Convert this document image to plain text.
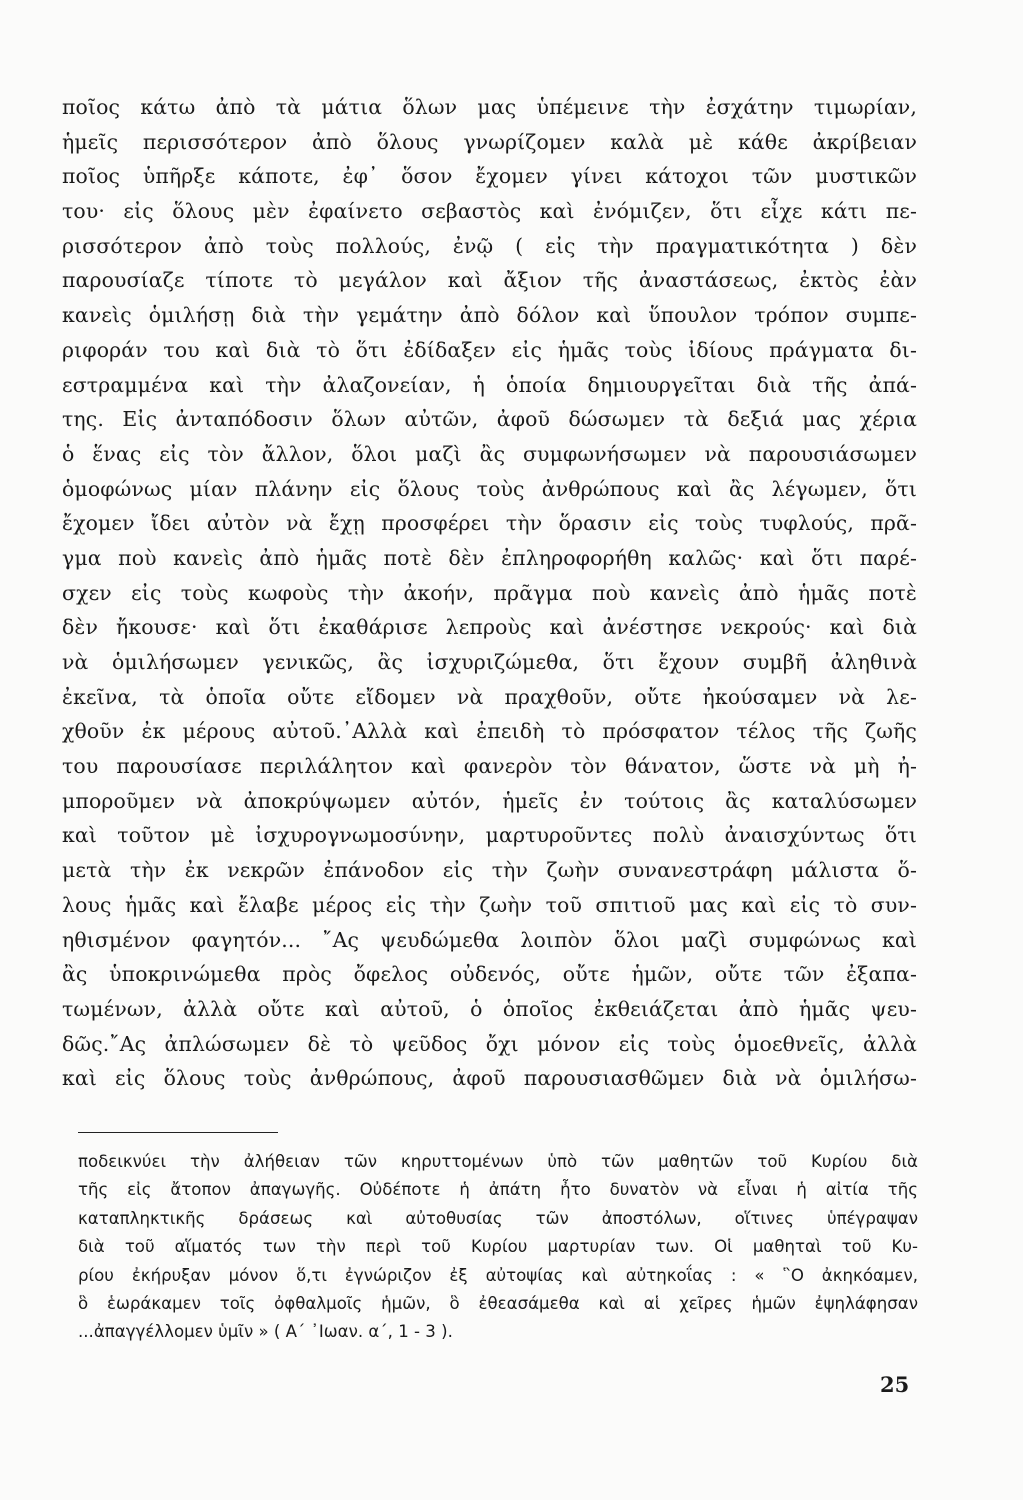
ποῖος κάτω ἀπὸ τὰ μάτια ὅλων μας ὑπέμεινε τὴν ἐσχάτην τιμωρίαν,
ἡμεῖς περισσότερον ἀπὸ ὅλους γνωρίζομεν καλὰ μὲ κάθε ἀκρίβειαν
ποῖος ὑπῆρξε κάποτε, ἐφ᾽ ὅσον ἔχομεν γίνει κάτοχοι τῶν μυστικῶν
του· εἰς ὅλους μὲν ἐφαίνετο σεβαστὸς καὶ ἐνόμιζεν, ὅτι εἶχε κάτι πε-
ρισσότερον ἀπὸ τοὺς πολλούς, ἐνῷ ( εἰς τὴν πραγματικότητα ) δὲν
παρουσίαζε τίποτε τὸ μεγάλον καὶ ἄξιον τῆς ἀναστάσεως, ἐκτὸς ἐὰν
κανεὶς ὁμιλήσῃ διὰ τὴν γεμάτην ἀπὸ δόλον καὶ ὕπουλον τρόπον συμπε-
ριφοράν του καὶ διὰ τὸ ὅτι ἐδίδαξεν εἰς ἡμᾶς τοὺς ἰδίους πράγματα δι-
εστραμμένα καὶ τὴν ἀλαζονείαν, ἡ ὁποία δημιουργεῖται διὰ τῆς ἀπά-
της. Εἰς ἀνταπόδοσιν ὅλων αὐτῶν, ἀφοῦ δώσωμεν τὰ δεξιά μας χέρια
ὁ ἕνας εἰς τὸν ἄλλον, ὅλοι μαζὶ ἂς συμφωνήσωμεν νὰ παρουσιάσωμεν
ὁμοφώνως μίαν πλάνην εἰς ὅλους τοὺς ἀνθρώπους καὶ ἂς λέγωμεν, ὅτι
ἔχομεν ἴδει αὐτὸν νὰ ἔχῃ προσφέρει τὴν ὅρασιν εἰς τοὺς τυφλούς, πρᾶ-
γμα ποὺ κανεὶς ἀπὸ ἡμᾶς ποτὲ δὲν ἐπληροφορήθη καλῶς· καὶ ὅτι παρέ-
σχεν εἰς τοὺς κωφοὺς τὴν ἀκοήν, πρᾶγμα ποὺ κανεὶς ἀπὸ ἡμᾶς ποτὲ
δὲν ἤκουσε· καὶ ὅτι ἐκαθάρισε λεπροὺς καὶ ἀνέστησε νεκρούς· καὶ διὰ
νὰ ὁμιλήσωμεν γενικῶς, ἂς ἰσχυριζώμεθα, ὅτι ἔχουν συμβῆ ἀληθινὰ
ἐκεῖνα, τὰ ὁποῖα οὔτε εἴδομεν νὰ πραχθοῦν, οὔτε ἠκούσαμεν νὰ λε-
χθοῦν ἐκ μέρους αὐτοῦ.᾽Αλλὰ καὶ ἐπειδὴ τὸ πρόσφατον τέλος τῆς ζωῆς
του παρουσίασε περιλάλητον καὶ φανερὸν τὸν θάνατον, ὥστε νὰ μὴ ἠ-
μποροῦμεν νὰ ἀποκρύψωμεν αὐτόν, ἡμεῖς ἐν τούτοις ἂς καταλύσωμεν
καὶ τοῦτον μὲ ἰσχυρογνωμοσύνην, μαρτυροῦντες πολὺ ἀναισχύντως ὅτι
μετὰ τὴν ἐκ νεκρῶν ἐπάνοδον εἰς τὴν ζωὴν συνανεστράφη μάλιστα ὅ-
λους ἡμᾶς καὶ ἔλαβε μέρος εἰς τὴν ζωὴν τοῦ σπιτιοῦ μας καὶ εἰς τὸ συν-
ηθισμένον φαγητόν... ῎Ας ψευδώμεθα λοιπὸν ὅλοι μαζὶ συμφώνως καὶ
ἂς ὑποκρινώμεθα πρὸς ὄφελος οὐδενός, οὔτε ἡμῶν, οὔτε τῶν ἐξαπα-
τωμένων, ἀλλὰ οὔτε καὶ αὐτοῦ, ὁ ὁποῖος ἐκθειάζεται ἀπὸ ἡμᾶς ψευ-
δῶς.῎Ας ἀπλώσωμεν δὲ τὸ ψεῦδος ὄχι μόνον εἰς τοὺς ὁμοεθνεῖς, ἀλλὰ
καὶ εἰς ὅλους τοὺς ἀνθρώπους, ἀφοῦ παρουσιασθῶμεν διὰ νὰ ὁμιλήσω-
ποδεικνύει τὴν ἀλήθειαν τῶν κηρυττομένων ὑπὸ τῶν μαθητῶν τοῦ Κυρίου διὰ
τῆς εἰς ἄτοπον ἀπαγωγῆς. Οὐδέποτε ἡ ἀπάτη ἦτο δυνατὸν νὰ εἶναι ἡ αἰτία τῆς
καταπληκτικῆς δράσεως καὶ αὐτοθυσίας τῶν ἀποστόλων, οἵτινες ὑπέγραψαν
διὰ τοῦ αἵματός των τὴν περὶ τοῦ Κυρίου μαρτυρίαν των. Οἱ μαθηταὶ τοῦ Κυ-
ρίου ἐκήρυξαν μόνον ὅ,τι ἐγνώριζον ἐξ αὐτοψίας καὶ αὐτηκοΐας : « ῝Ο ἀκηκόαμεν,
ὃ ἑωράκαμεν τοῖς ὀφθαλμοῖς ἡμῶν, ὃ ἐθεασάμεθα καὶ αἱ χεῖρες ἡμῶν ἐψηλάφησαν
...ἀπαγγέλλομεν ὑμῖν » ( Α΄ ᾽Ιωαν. α΄, 1 - 3 ).
25
